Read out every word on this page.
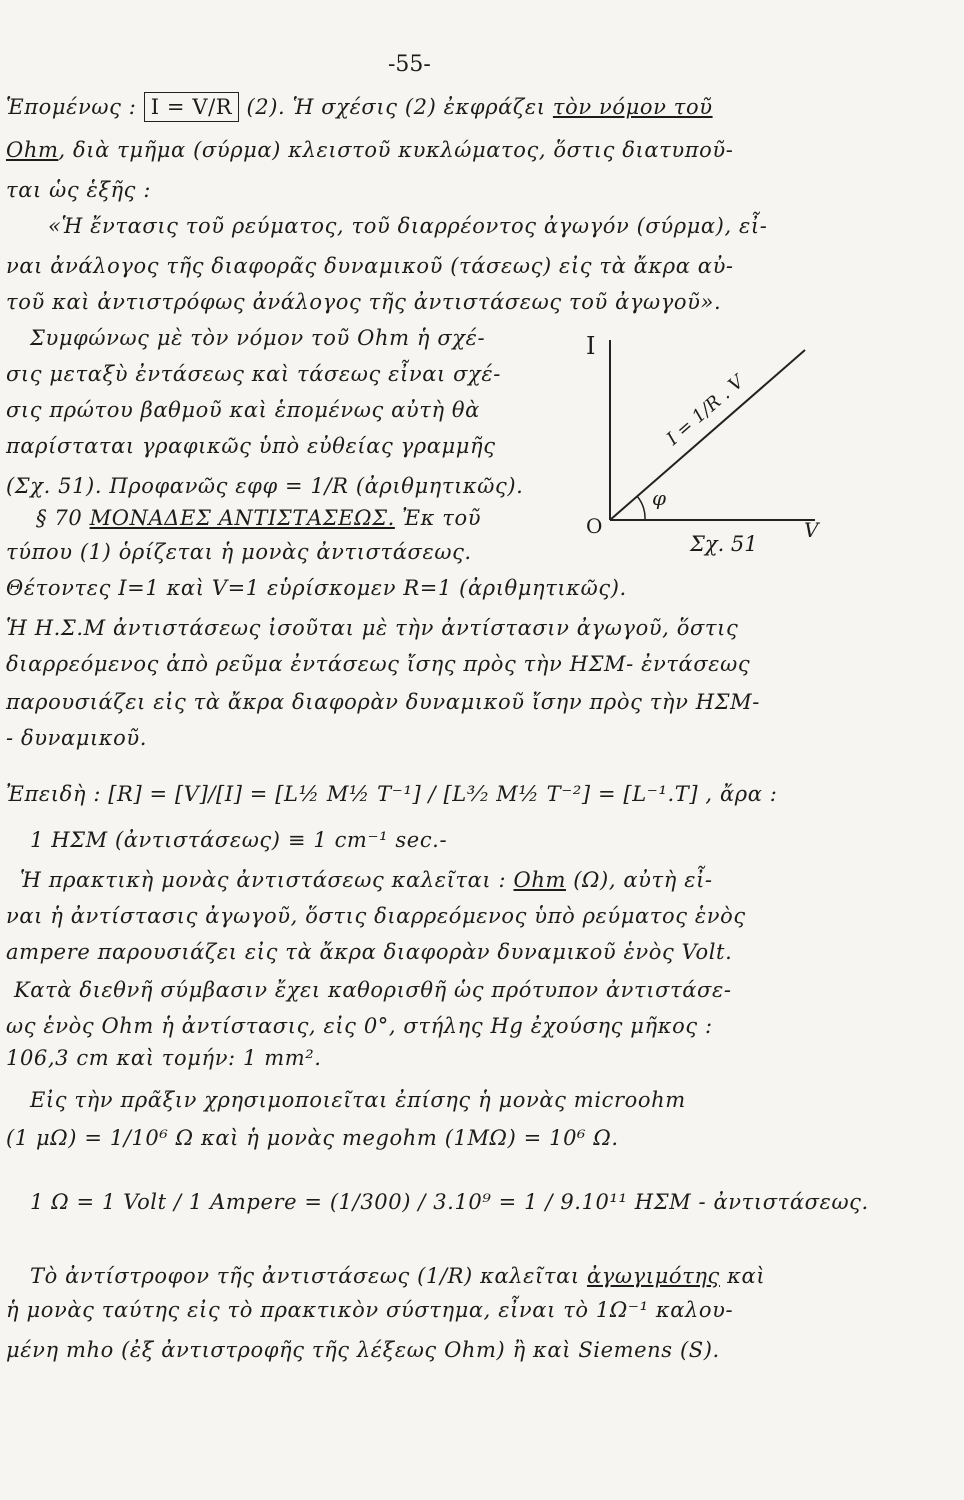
-55-
Ἑπομένως : I = V/R (2). Ἡ σχέσις (2) ἐκφράζει τὸν νόμον τοῦ
Ohm, διὰ τμῆμα (σύρμα) κλειστοῦ κυκλώματος, ὅστις διατυποῦ-
ται ὡς ἑξῆς :
«Ἡ ἔντασις τοῦ ρεύματος, τοῦ διαρρέοντος ἀγωγόν (σύρμα), εἶ-
ναι ἀνάλογος τῆς διαφορᾶς δυναμικοῦ (τάσεως) εἰς τὰ ἄκρα αὐ-
τοῦ καὶ ἀντιστρόφως ἀνάλογος τῆς ἀντιστάσεως τοῦ ἀγωγοῦ».
Συμφώνως μὲ τὸν νόμον τοῦ Ohm ἡ σχέ-
σις μεταξὺ ἐντάσεως καὶ τάσεως εἶναι σχέ-
σις πρώτου βαθμοῦ καὶ ἑπομένως αὐτὴ θὰ
παρίσταται γραφικῶς ὑπὸ εὐθείας γραμμῆς
(Σχ. 51). Προφανῶς εφφ = 1/R (ἀριθμητικῶς).
§ 70 ΜΟΝΑΔΕΣ ΑΝΤΙΣΤΑΣΕΩΣ. Ἐκ τοῦ
τύπου (1) ὁρίζεται ἡ μονὰς ἀντιστάσεως.
Θέτοντες I=1 καὶ V=1 εὑρίσκομεν R=1 (ἀριθμητικῶς).
Ἡ Η.Σ.Μ ἀντιστάσεως ἰσοῦται μὲ τὴν ἀντίστασιν ἀγωγοῦ, ὅστις
διαρρεόμενος ἀπὸ ρεῦμα ἐντάσεως ἴσης πρὸς τὴν ΗΣΜ- ἐντάσεως
παρουσιάζει εἰς τὰ ἄκρα διαφορὰν δυναμικοῦ ἴσην πρὸς τὴν ΗΣΜ-
- δυναμικοῦ.
Ἐπειδὴ : [R] = [V]/[I] = [L½ M½ T⁻¹] / [L³⁄₂ M½ T⁻²] = [L⁻¹.T] , ἄρα :
1 ΗΣΜ (ἀντιστάσεως) ≡ 1 cm⁻¹ sec.-
Ἡ πρακτικὴ μονὰς ἀντιστάσεως καλεῖται : Ohm (Ω), αὐτὴ εἶ-
ναι ἡ ἀντίστασις ἀγωγοῦ, ὅστις διαρρεόμενος ὑπὸ ρεύματος ἑνὸς
ampere παρουσιάζει εἰς τὰ ἄκρα διαφορὰν δυναμικοῦ ἑνὸς Volt.
Κατὰ διεθνῆ σύμβασιν ἔχει καθορισθῆ ὡς πρότυπον ἀντιστάσε-
ως ἑνὸς Ohm ἡ ἀντίστασις, εἰς 0°, στήλης Hg ἐχούσης μῆκος :
106,3 cm καὶ τομήν: 1 mm².
Εἰς τὴν πρᾶξιν χρησιμοποιεῖται ἐπίσης ἡ μονὰς microohm
(1 μΩ) = 1/10⁶ Ω καὶ ἡ μονὰς megohm (1MΩ) = 10⁶ Ω.
1 Ω = 1 Volt / 1 Ampere = (1/300) / 3.10⁹ = 1 / 9.10¹¹ ΗΣΜ - ἀντιστάσεως.
Τὸ ἀντίστροφον τῆς ἀντιστάσεως (1/R) καλεῖται ἀγωγιμότης καὶ
ἡ μονὰς ταύτης εἰς τὸ πρακτικὸν σύστημα, εἶναι τὸ 1Ω⁻¹ καλου-
μένη mho (ἐξ ἀντιστροφῆς τῆς λέξεως Ohm) ἢ καὶ Siemens (S).
I
V
O
I = 1/R . V
φ
Σχ. 51
